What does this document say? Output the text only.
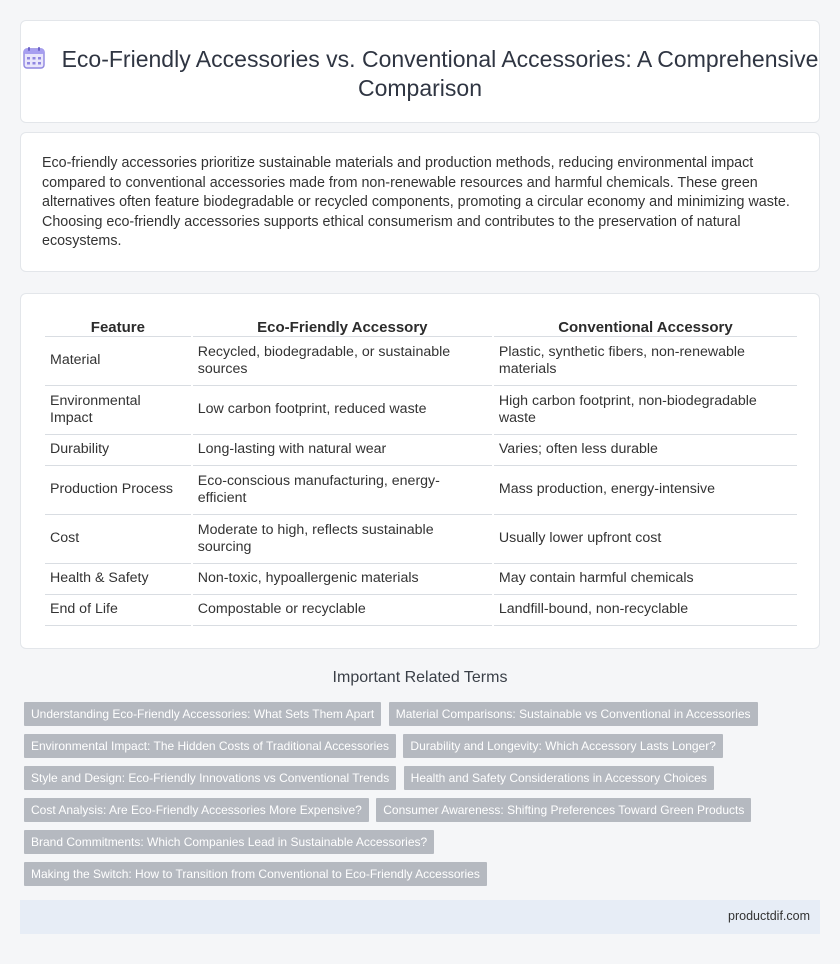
Eco-Friendly Accessories vs. Conventional Accessories: A Comprehensive Comparison

Eco-friendly accessories prioritize sustainable materials and production methods, reducing environmental impact compared to conventional accessories made from non-renewable resources and harmful chemicals. These green alternatives often feature biodegradable or recycled components, promoting a circular economy and minimizing waste. Choosing eco-friendly accessories supports ethical consumerism and contributes to the preservation of natural ecosystems.

Feature	Eco-Friendly Accessory	Conventional Accessory
Material	Recycled, biodegradable, or sustainable sources	Plastic, synthetic fibers, non-renewable materials
Environmental Impact	Low carbon footprint, reduced waste	High carbon footprint, non-biodegradable waste
Durability	Long-lasting with natural wear	Varies; often less durable
Production Process	Eco-conscious manufacturing, energy-efficient	Mass production, energy-intensive
Cost	Moderate to high, reflects sustainable sourcing	Usually lower upfront cost
Health & Safety	Non-toxic, hypoallergenic materials	May contain harmful chemicals
End of Life	Compostable or recyclable	Landfill-bound, non-recyclable
Important Related Terms
Understanding Eco-Friendly Accessories: What Sets Them Apart Material Comparisons: Sustainable vs Conventional in Accessories Environmental Impact: The Hidden Costs of Traditional Accessories Durability and Longevity: Which Accessory Lasts Longer? Style and Design: Eco-Friendly Innovations vs Conventional Trends Health and Safety Considerations in Accessory Choices Cost Analysis: Are Eco-Friendly Accessories More Expensive? Consumer Awareness: Shifting Preferences Toward Green Products
Brand Commitments: Which Companies Lead in Sustainable Accessories?
Making the Switch: How to Transition from Conventional to Eco-Friendly Accessories
productdif.com
